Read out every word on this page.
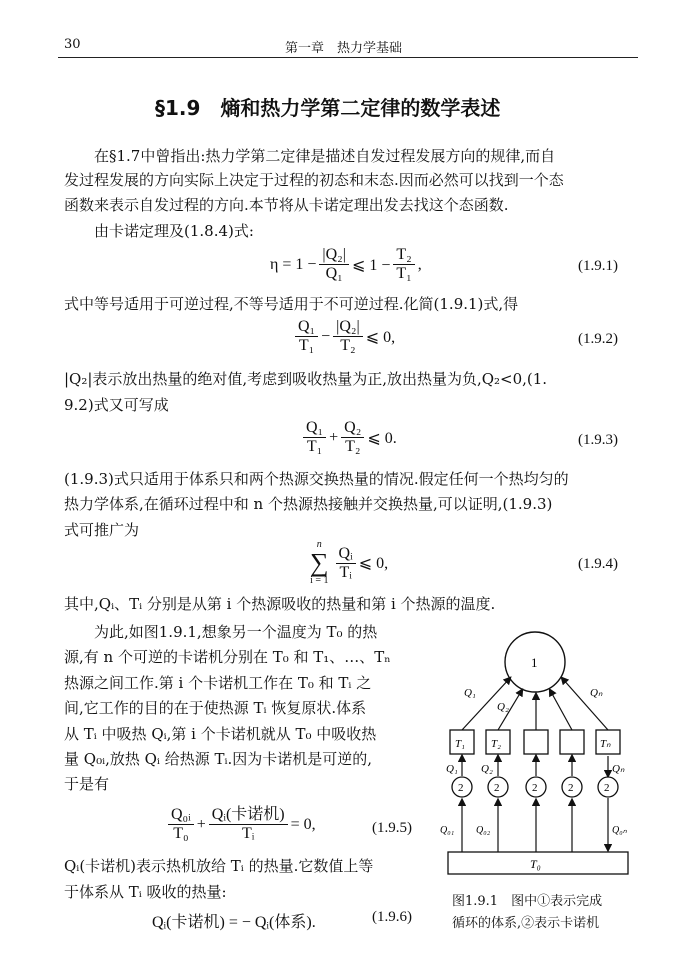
30	第一章　热力学基础
§1.9　熵和热力学第二定律的数学表述
在§1.7中曾指出:热力学第二定律是描述自发过程发展方向的规律,而自
发过程发展的方向实际上决定于过程的初态和末态.因而必然可以找到一个态
函数来表示自发过程的方向.本节将从卡诺定理出发去找这个态函数.
由卡诺定理及(1.8.4)式:
$\eta = 1 - \frac{\text{|Q₂|}}{\text{Q₁}}$ ⩽ $1 - \frac{\text{T₂}}{\text{T₁}}$ ,	(1.9.1)
式中等号适用于可逆过程,不等号适用于不可逆过程.化简(1.9.1)式,得
$\frac{\text{Q₁}}{\text{T₁}} - \frac{\text{|Q₂|}}{\text{T₂}}$ ⩽ 0,	(1.9.2)
|Q₂|表示放出热量的绝对值,考虑到吸收热量为正,放出热量为负,Q₂<0,(1.
9.2)式又可写成
$\frac{\text{Q₁}}{\text{T₁}} + \frac{\text{Q₂}}{\text{T₂}}$ ⩽ 0.	(1.9.3)
(1.9.3)式只适用于体系只和两个热源交换热量的情况.假定任何一个热均匀的
热力学体系,在循环过程中和 n 个热源热接触并交换热量,可以证明,(1.9.3)
式可推广为
n
∑
$i = 1 \frac{\text{Qᵢ}}{\text{Tᵢ}}$ ⩽ 0,	(1.9.4)
其中,Qᵢ、Tᵢ 分别是从第 i 个热源吸收的热量和第 i 个热源的温度.
为此,如图1.9.1,想象另一个温度为 T₀ 的热
源,有 n 个可逆的卡诺机分别在 T₀ 和 T₁、…、Tₙ
热源之间工作.第 i 个卡诺机工作在 T₀ 和 Tᵢ 之
间,它工作的目的在于使热源 Tᵢ 恢复原状.体系
从 Tᵢ 中吸热 Qᵢ,第 i 个卡诺机就从 T₀ 中吸收热
量 Q₀ᵢ,放热 Qᵢ 给热源 Tᵢ.因为卡诺机是可逆的,
于是有
$\frac{\text{Q₀ᵢ}}{\text{T₀}} + \frac{\text{Qᵢ(卡诺机)}}{\text{Tᵢ}} = 0$,	(1.9.5)
Qᵢ(卡诺机)表示热机放给 Tᵢ 的热量.它数值上等
于体系从 Tᵢ 吸收的热量:
Qᵢ(卡诺机) = − Qᵢ(体系).	(1.9.6)
1
Q₁
Q₂
Qₙ
T₁ T₂	Tₙ
Q₁ Q₂	Qₙ
2	2	2	2	2
Q₀₁ Q₀₂	Q₀ₙ
T₀
图1.9.1　图中①表示完成
循环的体系,②表示卡诺机
